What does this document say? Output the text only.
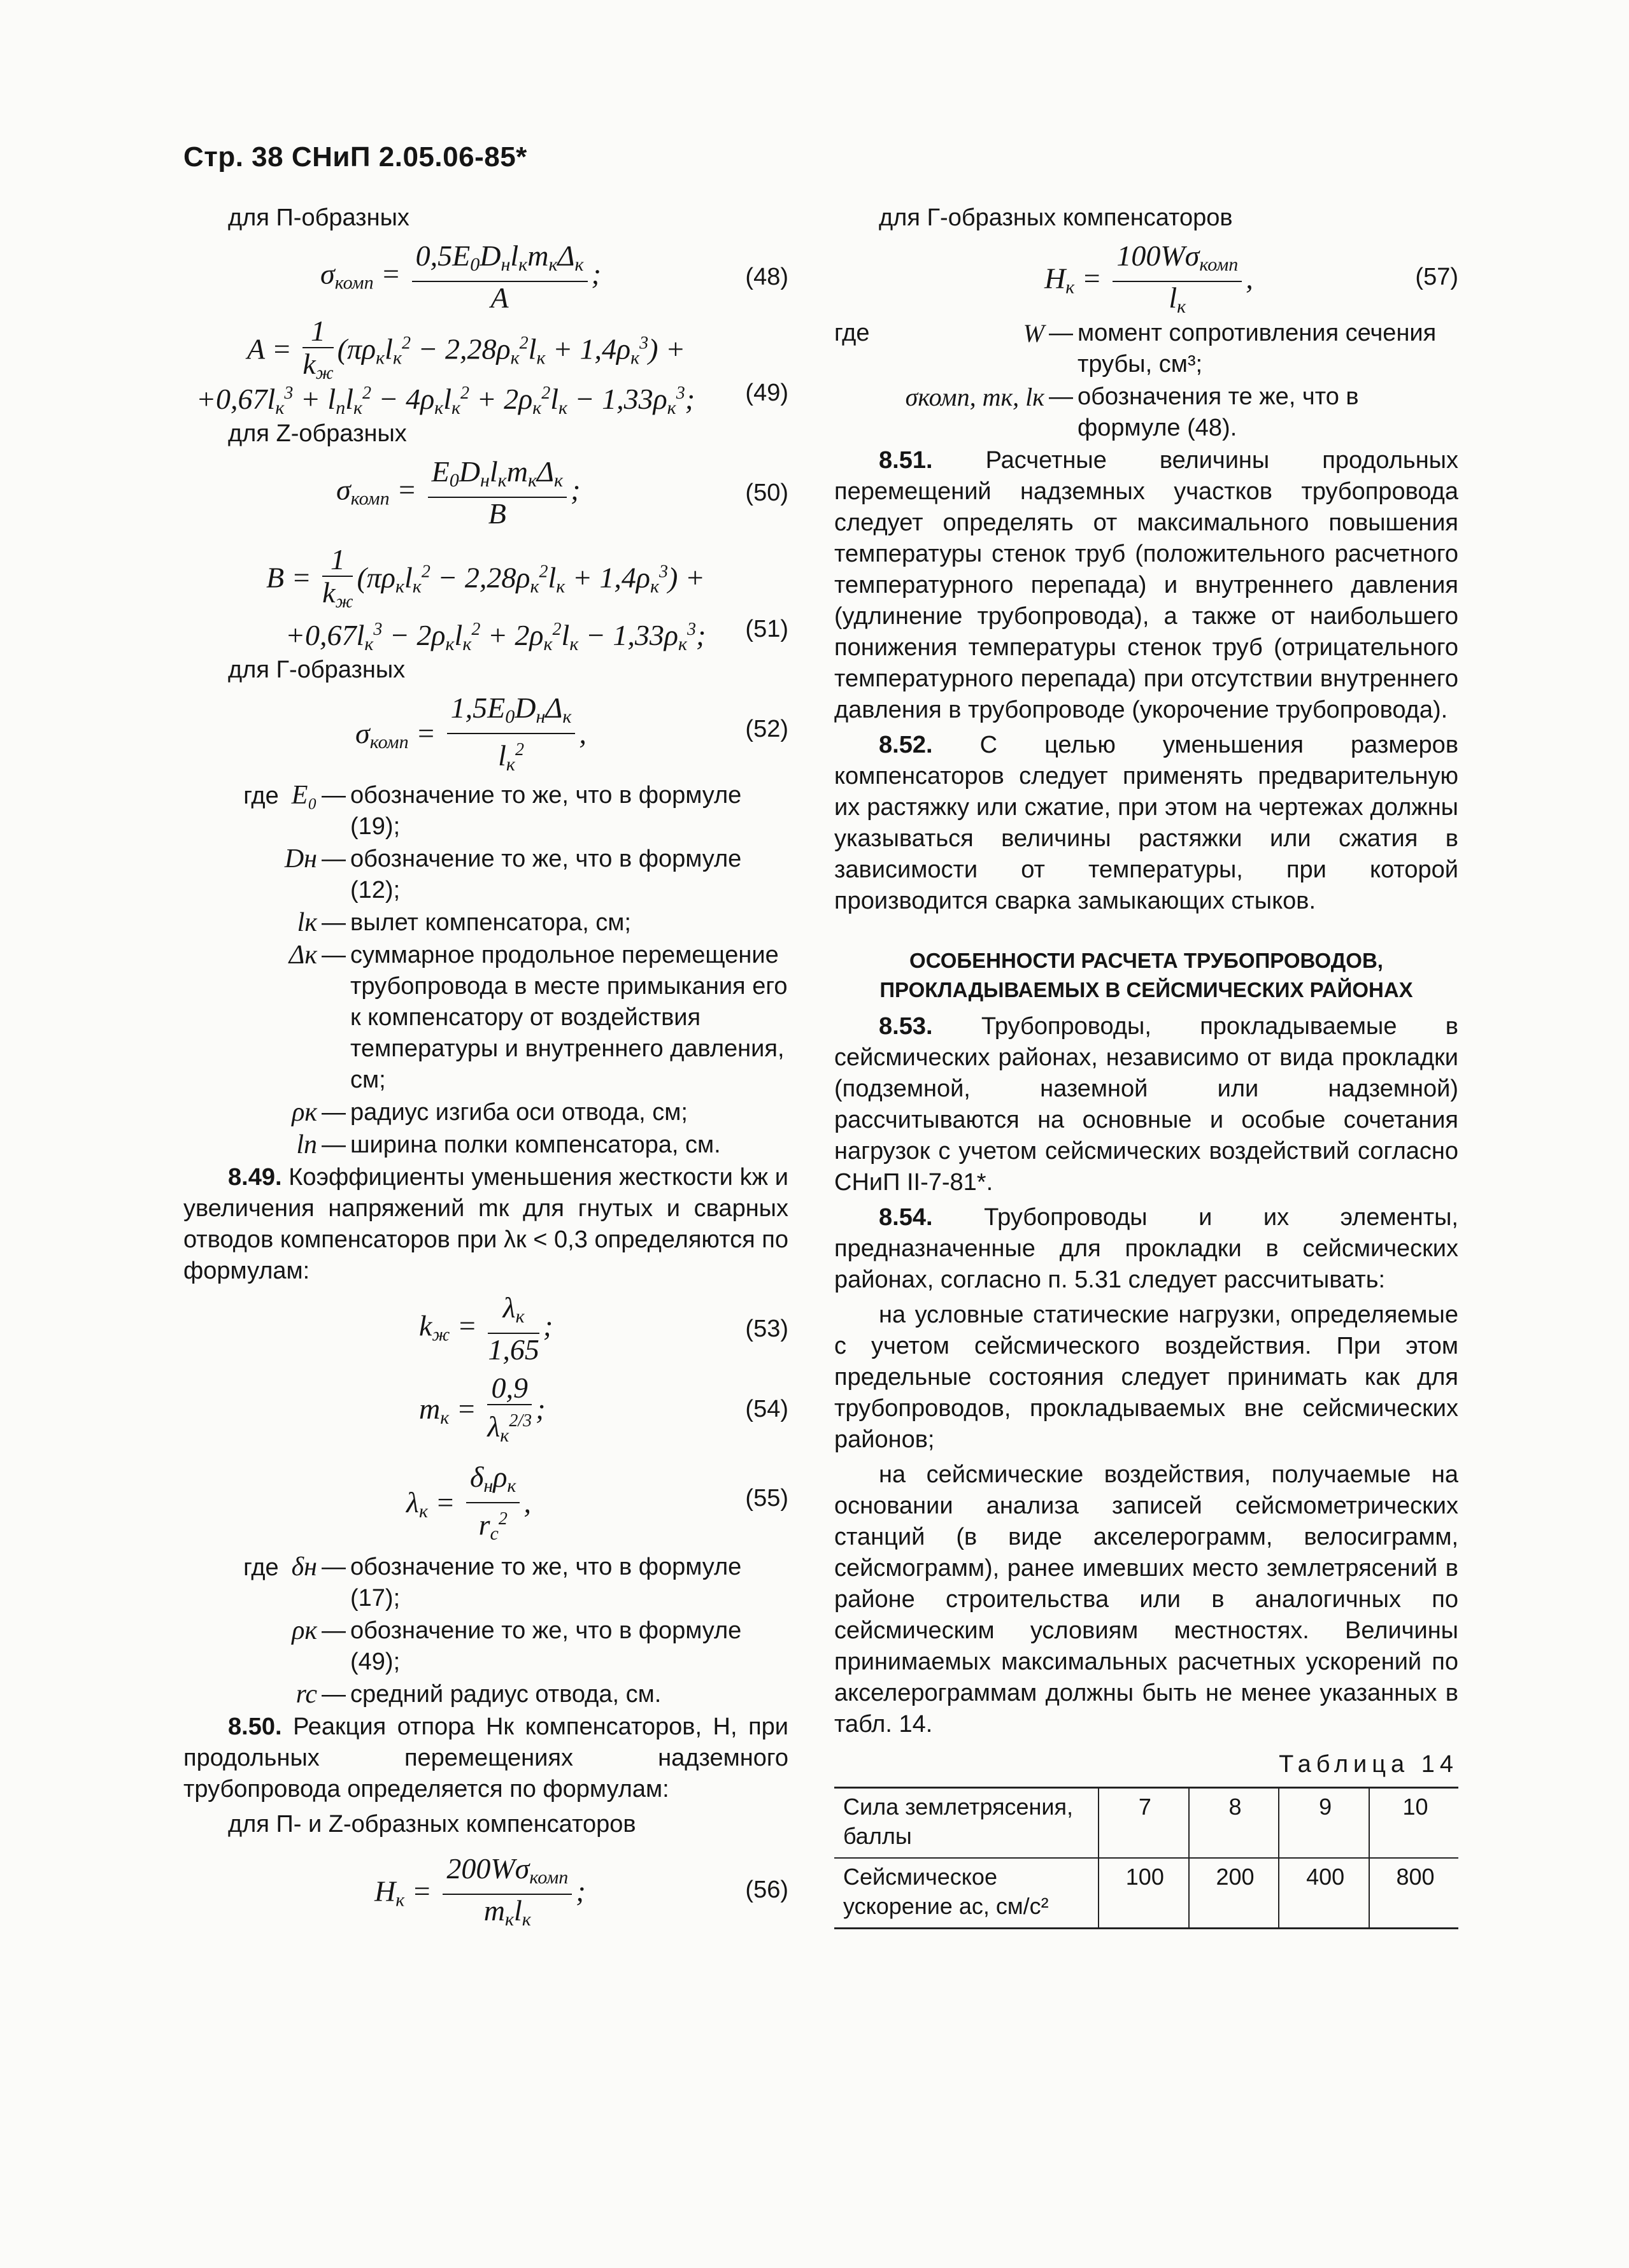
Стр. 38 СНиП 2.05.06-85*
для П-образных
$\sigma_{комп} = \frac{0,5E_0D_нl_кm_к\Delta_к}{A}$ ;	(48)
$A = \frac{1}{k_ж} (\pi\rho_кl_к^2 - 2,28\rho_к^2l_к + 1,4\rho_к^3)$ +
$+0,67l_к^3 + l_пl_к^2 - 4\rho_кl_к^2 + 2\rho_к^2l_к - 1,33\rho_к^3$; (49)
для Z-образных
$\sigma_{комп} = \frac{E_0D_нl_кm_к\Delta_к}{B}$ ;	(50)
$B = \frac{1}{k_ж} (\pi\rho_кl_к^2 - 2,28\rho_к^2l_к + 1,4\rho_к^3)$ +
$+0,67l_к^3 - 2\rho_кl_к^2 + 2\rho_к^2l_к - 1,33\rho_к^3$; (51)
для Г-образных
$\sigma_{комп} = \frac{1,5E_0D_н\Delta_к}{l_к^2}$ ,	(52)
где E₀ — обозначение то же, что в формуле (19);
Dн — обозначение то же, что в формуле (12);
lк — вылет компенсатора, см;
Δк — суммарное продольное перемещение трубопровода в месте примыкания его к компенсатору от воздействия температуры и внутреннего давления, см;
ρк — радиус изгиба оси отвода, см;
lп — ширина полки компенсатора, см.

8.49. Коэффициенты уменьшения жесткости kж и увеличения напряжений mк для гнутых и сварных отводов компенсаторов при λк < 0,3 определяются по формулам:

$k_ж = \frac{\lambda_к}{1,65}$ ;	(53)
$m_к = \frac{0,9}{\lambda_к^{2/3}}$ ;	(54)
$\lambda_к = \frac{\delta_н\rho_к}{r_c^2}$ ,	(55)
где δн — обозначение то же, что в формуле (17);
ρк — обозначение то же, что в формуле (49);
rc — средний радиус отвода, см.

8.50. Реакция отпора Hк компенсаторов, Н, при продольных перемещениях надземного трубопровода определяется по формулам:

для П- и Z-образных компенсаторов
$H_к = \frac{200W\sigma_{комп}}{m_кl_к}$ ;	(56)
для Г-образных компенсаторов
$H_к = \frac{100W\sigma_{комп}}{l_к}$ ,	(57)
где	W — момент сопротивления сечения трубы, см³;
σкомп, mк, lк — обозначения те же, что в формуле (48).

8.51. Расчетные величины продольных перемещений надземных участков трубопровода следует определять от максимального повышения температуры стенок труб (положительного расчетного температурного перепада) и внутреннего давления (удлинение трубопровода), а также от наибольшего понижения температуры стенок труб (отрицательного температурного перепада) при отсутствии внутреннего давления в трубопроводе (укорочение трубопровода).

8.52. С целью уменьшения размеров компенсаторов следует применять предварительную их растяжку или сжатие, при этом на чертежах должны указываться величины растяжки или сжатия в зависимости от температуры, при которой производится сварка замыкающих стыков.

ОСОБЕННОСТИ РАСЧЕТА ТРУБОПРОВОДОВ, ПРОКЛАДЫВАЕМЫХ В СЕЙСМИЧЕСКИХ РАЙОНАХ

8.53. Трубопроводы, прокладываемые в сейсмических районах, независимо от вида прокладки (подземной, наземной или надземной) рассчитываются на основные и особые сочетания нагрузок с учетом сейсмических воздействий согласно СНиП II-7-81*.

8.54. Трубопроводы и их элементы, предназначенные для прокладки в сейсмических районах, согласно п. 5.31 следует рассчитывать:

на условные статические нагрузки, определяемые с учетом сейсмического воздействия. При этом предельные состояния следует принимать как для трубопроводов, прокладываемых вне сейсмических районов;

на сейсмические воздействия, получаемые на основании анализа записей сейсмометрических станций (в виде акселерограмм, велосиграмм, сейсмограмм), ранее имевших место землетрясений в районе строительства или в аналогичных по сейсмическим условиям местностях. Величины принимаемых максимальных расчетных ускорений по акселерограммам должны быть не менее указанных в табл. 14.

Таблица 14
Сила землетрясения, баллы	7	8	9	10
Сейсмическое ускорение ac, см/с²	100	200	400	800
